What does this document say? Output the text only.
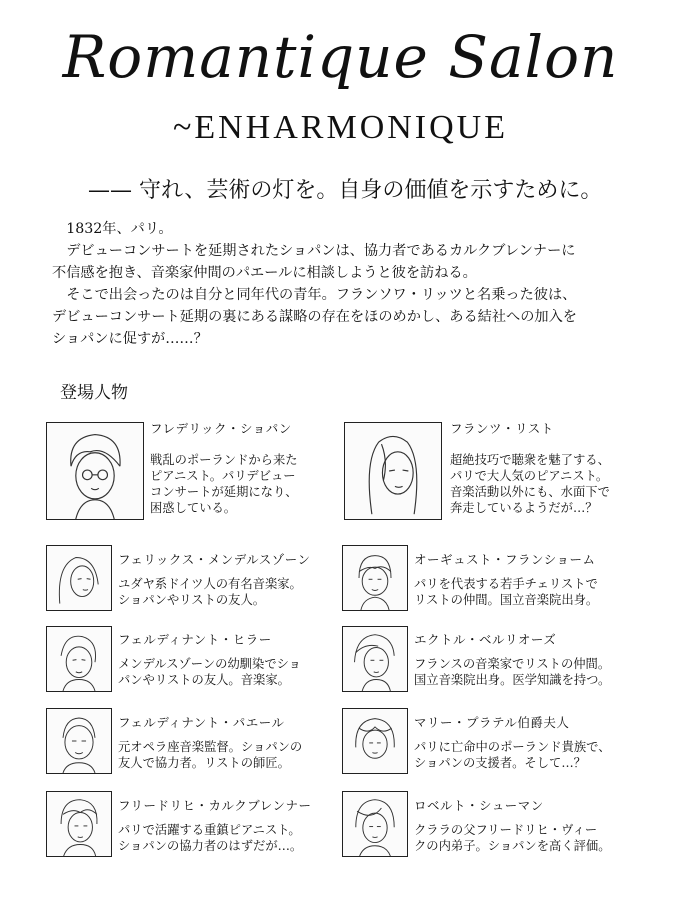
Romantique Salon
~ENHARMONIQUE
—— 守れ、芸術の灯を。自身の価値を示すために。

　1832年、パリ。

　デビューコンサートを延期されたショパンは、協力者であるカルクブレンナーに

不信感を抱き、音楽家仲間のパエールに相談しようと彼を訪ねる。

　そこで出会ったのは自分と同年代の青年。フランソワ・リッツと名乗った彼は、

デビューコンサート延期の裏にある謀略の存在をほのめかし、ある結社への加入を

ショパンに促すが……？

登場人物
フレデリック・ショパン
戦乱のポーランドから来た
ピアニスト。パリデビュー
コンサートが延期になり、
困惑している。
フランツ・リスト
超絶技巧で聴衆を魅了する、
パリで大人気のピアニスト。
音楽活動以外にも、水面下で
奔走しているようだが…？
フェリックス・メンデルスゾーン
ユダヤ系ドイツ人の有名音楽家。
ショパンやリストの友人。
オーギュスト・フランショーム
パリを代表する若手チェリストで
リストの仲間。国立音楽院出身。
フェルディナント・ヒラー
メンデルスゾーンの幼馴染でショ
パンやリストの友人。音楽家。
エクトル・ベルリオーズ
フランスの音楽家でリストの仲間。
国立音楽院出身。医学知識を持つ。
フェルディナント・パエール
元オペラ座音楽監督。ショパンの
友人で協力者。リストの師匠。
マリー・プラテル伯爵夫人
パリに亡命中のポーランド貴族で、
ショパンの支援者。そして…？
フリードリヒ・カルクブレンナー
パリで活躍する重鎮ピアニスト。
ショパンの協力者のはずだが…。
ロベルト・シューマン
クララの父フリードリヒ・ヴィー
クの内弟子。ショパンを高く評価。
